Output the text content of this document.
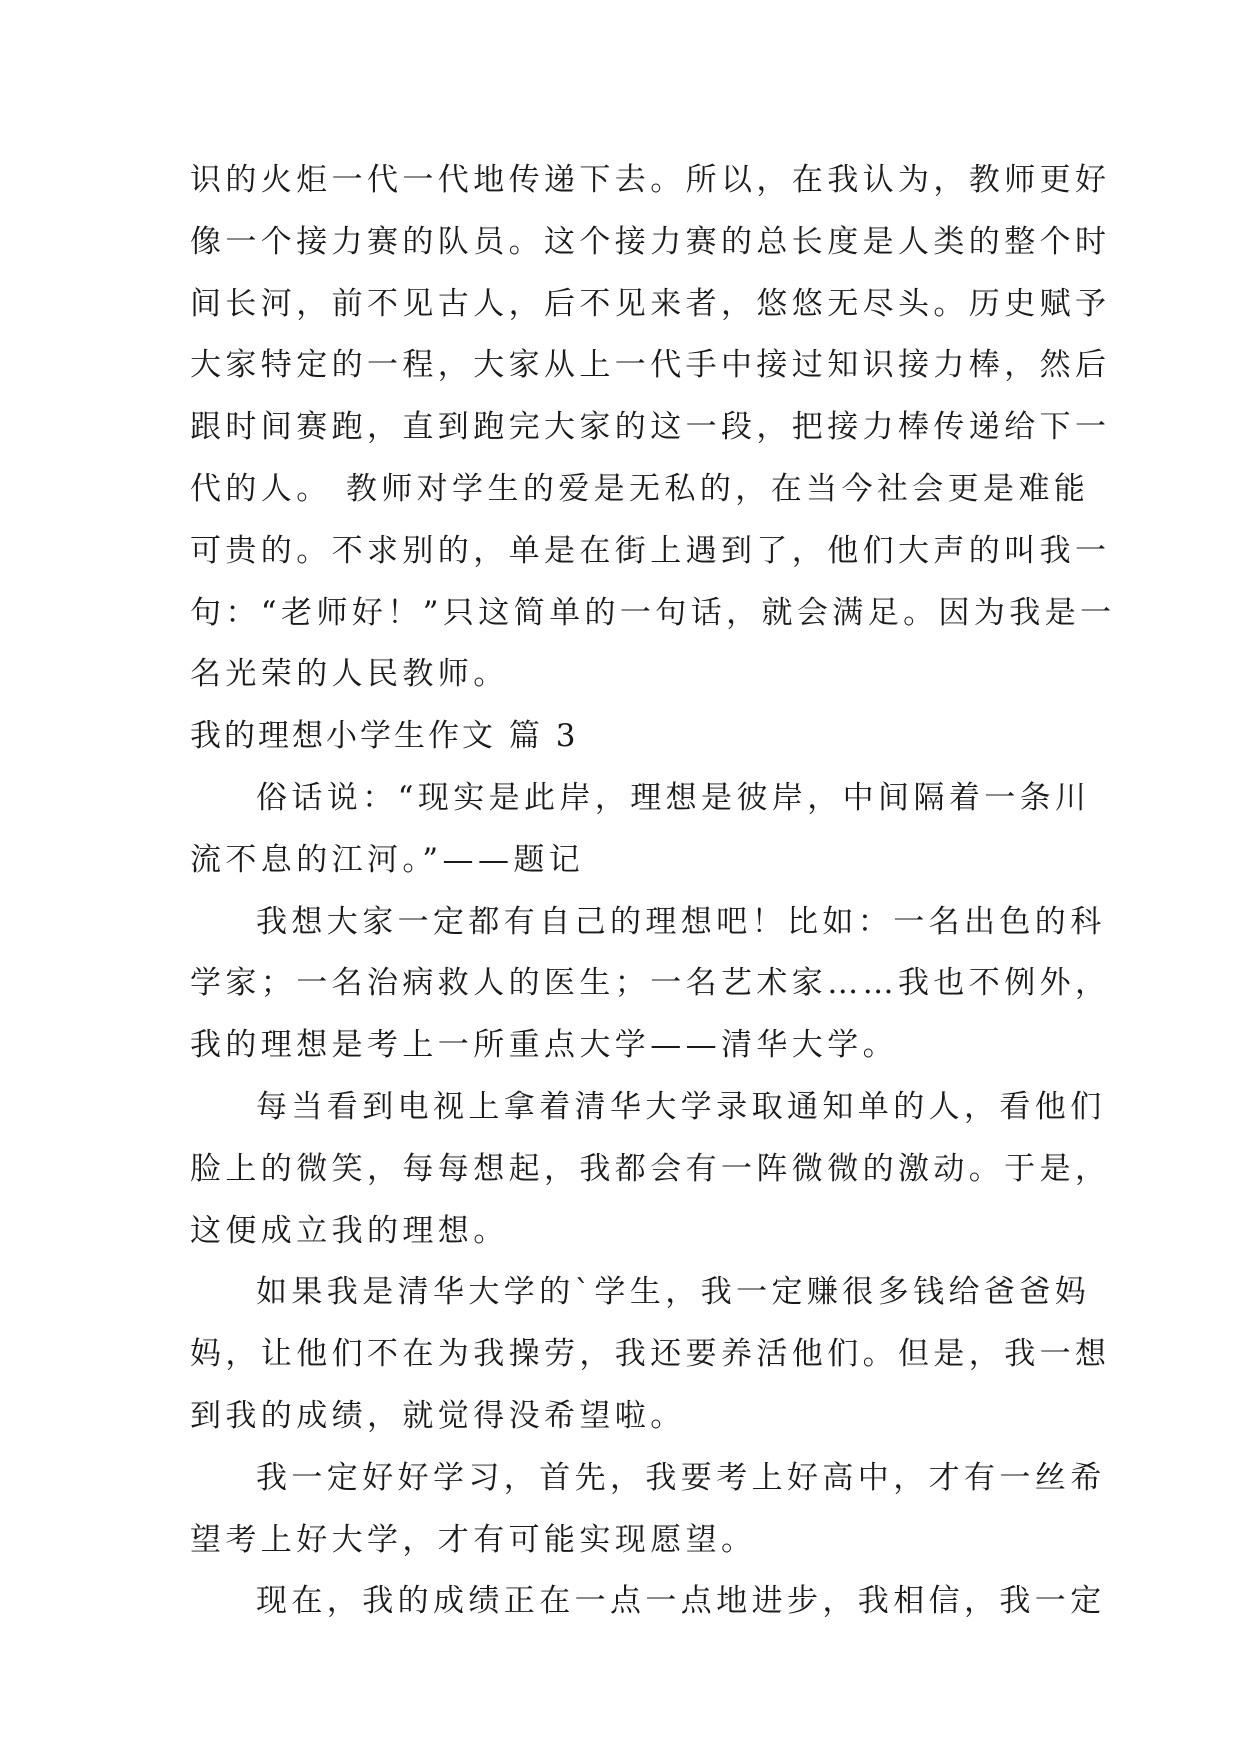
识的火炬一代一代地传递下去。所以，在我认为，教师更好
像一个接力赛的队员。这个接力赛的总长度是人类的整个时
间长河，前不见古人，后不见来者，悠悠无尽头。历史赋予
大家特定的一程，大家从上一代手中接过知识接力棒，然后
跟时间赛跑，直到跑完大家的这一段，把接力棒传递给下一
代的人。 教师对学生的爱是无私的，在当今社会更是难能
可贵的。不求别的，单是在街上遇到了，他们大声的叫我一
句：“老师好！”只这简单的一句话，就会满足。因为我是一
名光荣的人民教师。
我的理想小学生作文 篇 3
俗话说：“现实是此岸，理想是彼岸，中间隔着一条川
流不息的江河。”——题记
我想大家一定都有自己的理想吧！比如：一名出色的科
学家；一名治病救人的医生；一名艺术家……我也不例外，
我的理想是考上一所重点大学——清华大学。
每当看到电视上拿着清华大学录取通知单的人，看他们
脸上的微笑，每每想起，我都会有一阵微微的激动。于是，
这便成立我的理想。
如果我是清华大学的`学生，我一定赚很多钱给爸爸妈
妈，让他们不在为我操劳，我还要养活他们。但是，我一想
到我的成绩，就觉得没希望啦。
我一定好好学习，首先，我要考上好高中，才有一丝希
望考上好大学，才有可能实现愿望。
现在，我的成绩正在一点一点地进步，我相信，我一定
